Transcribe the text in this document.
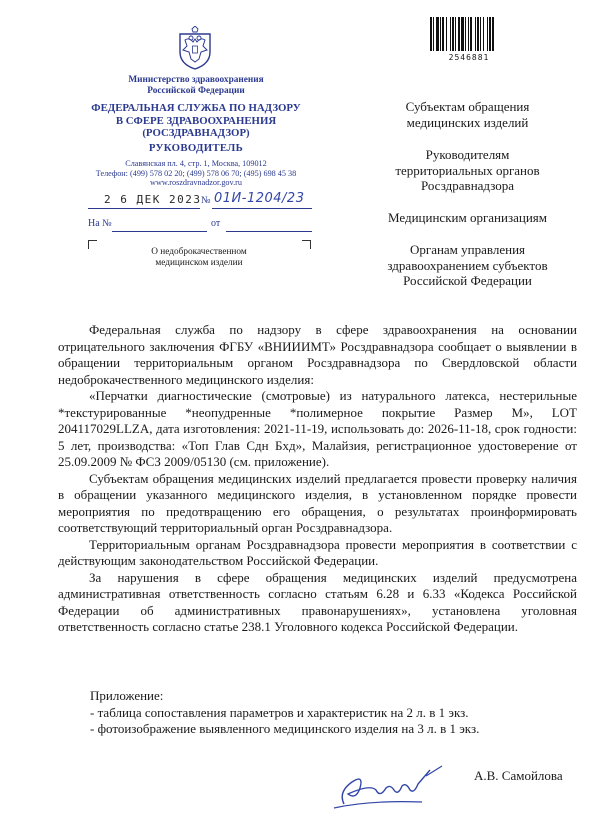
Министерство здравоохранения
Российской Федерации
ФЕДЕРАЛЬНАЯ СЛУЖБА ПО НАДЗОРУ
В СФЕРЕ ЗДРАВООХРАНЕНИЯ
(РОСЗДРАВНАДЗОР)
РУКОВОДИТЕЛЬ
Славянская пл. 4, стр. 1, Москва, 109012
Телефон: (499) 578 02 20; (499) 578 06 70; (495) 698 45 38
www.roszdravnadzor.gov.ru
2 6 ДЕК 2023 № 01И-1204/23
На №	от
О недоброкачественном
медицинском изделии
2546881
Субъектам обращения
медицинских изделий
Руководителям
территориальных органов
Росздравнадзора
Медицинским организациям
Органам управления
здравоохранением субъектов
Российской Федерации

Федеральная служба по надзору в сфере здравоохранения на основании отрицательного заключения ФГБУ «ВНИИИМТ» Росздравнадзора сообщает о выявлении в обращении территориальным органом Росздравнадзора по Свердловской области недоброкачественного медицинского изделия:

«Перчатки диагностические (смотровые) из натурального латекса, нестерильные *текстурированные *неопудренные *полимерное покрытие Размер M», LOT 204117029LLZA, дата изготовления: 2021-11-19, использовать до: 2026-11-18, срок годности: 5 лет, производства: «Топ Глав Сдн Бхд», Малайзия, регистрационное удостоверение от 25.09.2009 № ФСЗ 2009/05130 (см. приложение).

Субъектам обращения медицинских изделий предлагается провести проверку наличия в обращении указанного медицинского изделия, в установленном порядке провести мероприятия по предотвращению его обращения, о результатах проинформировать соответствующий территориальный орган Росздравнадзора.

Территориальным органам Росздравнадзора провести мероприятия в соответствии с действующим законодательством Российской Федерации.

За нарушения в сфере обращения медицинских изделий предусмотрена административная ответственность согласно статьям 6.28 и 6.33 «Кодекса Российской Федерации об административных правонарушениях», установлена уголовная ответственность согласно статье 238.1 Уголовного кодекса Российской Федерации.

Приложение:
- таблица сопоставления параметров и характеристик на 2 л. в 1 экз.
- фотоизображение выявленного медицинского изделия на 3 л. в 1 экз.
А.В. Самойлова
